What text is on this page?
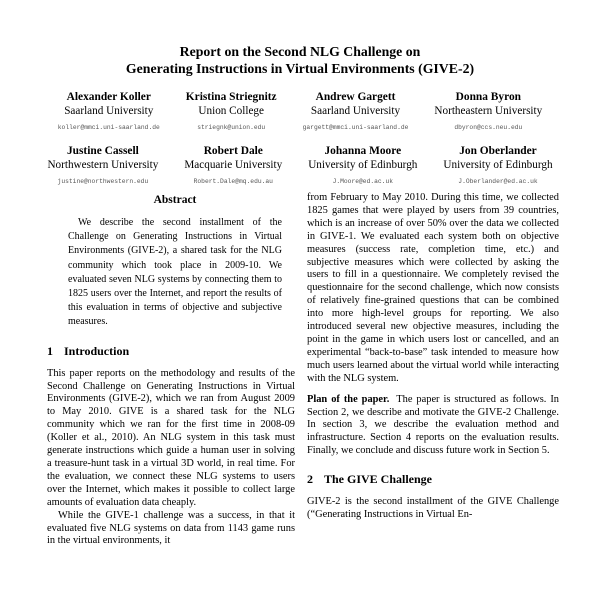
Report on the Second NLG Challenge on
Generating Instructions in Virtual Environments (GIVE-2)
Alexander Koller
Saarland University
koller@mmci.uni-saarland.de
Kristina Striegnitz
Union College
striegnk@union.edu
Andrew Gargett
Saarland University
gargett@mmci.uni-saarland.de
Donna Byron
Northeastern University
dbyron@ccs.neu.edu
Justine Cassell
Northwestern University
justine@northwestern.edu
Robert Dale
Macquarie University
Robert.Dale@mq.edu.au
Johanna Moore
University of Edinburgh
J.Moore@ed.ac.uk
Jon Oberlander
University of Edinburgh
J.Oberlander@ed.ac.uk
Abstract

We describe the second installment of the Challenge on Generating Instructions in Virtual Environments (GIVE-2), a shared task for the NLG community which took place in 2009-10. We evaluated seven NLG systems by connecting them to 1825 users over the Internet, and report the results of this evaluation in terms of objective and subjective measures.

1 Introduction

This paper reports on the methodology and results of the Second Challenge on Generating Instructions in Virtual Environments (GIVE-2), which we ran from August 2009 to May 2010. GIVE is a shared task for the NLG community which we ran for the first time in 2008-09 (Koller et al., 2010). An NLG system in this task must generate instructions which guide a human user in solving a treasure-hunt task in a virtual 3D world, in real time. For the evaluation, we connect these NLG systems to users over the Internet, which makes it possible to collect large amounts of evaluation data cheaply.

While the GIVE-1 challenge was a success, in that it evaluated five NLG systems on data from 1143 game runs in the virtual environments, it

from February to May 2010. During this time, we collected 1825 games that were played by users from 39 countries, which is an increase of over 50% over the data we collected in GIVE-1. We evaluated each system both on objective measures (success rate, completion time, etc.) and subjective measures which were collected by asking the users to fill in a questionnaire. We completely revised the questionnaire for the second challenge, which now consists of relatively fine-grained questions that can be combined into more high-level groups for reporting. We also introduced several new objective measures, including the point in the game in which users lost or cancelled, and an experimental “back-to-base” task intended to measure how much users learned about the virtual world while interacting with the NLG system.

Plan of the paper. The paper is structured as follows. In Section 2, we describe and motivate the GIVE-2 Challenge. In section 3, we describe the evaluation method and infrastructure. Section 4 reports on the evaluation results. Finally, we conclude and discuss future work in Section 5.

2 The GIVE Challenge

GIVE-2 is the second installment of the GIVE Challenge (“Generating Instructions in Virtual En-
